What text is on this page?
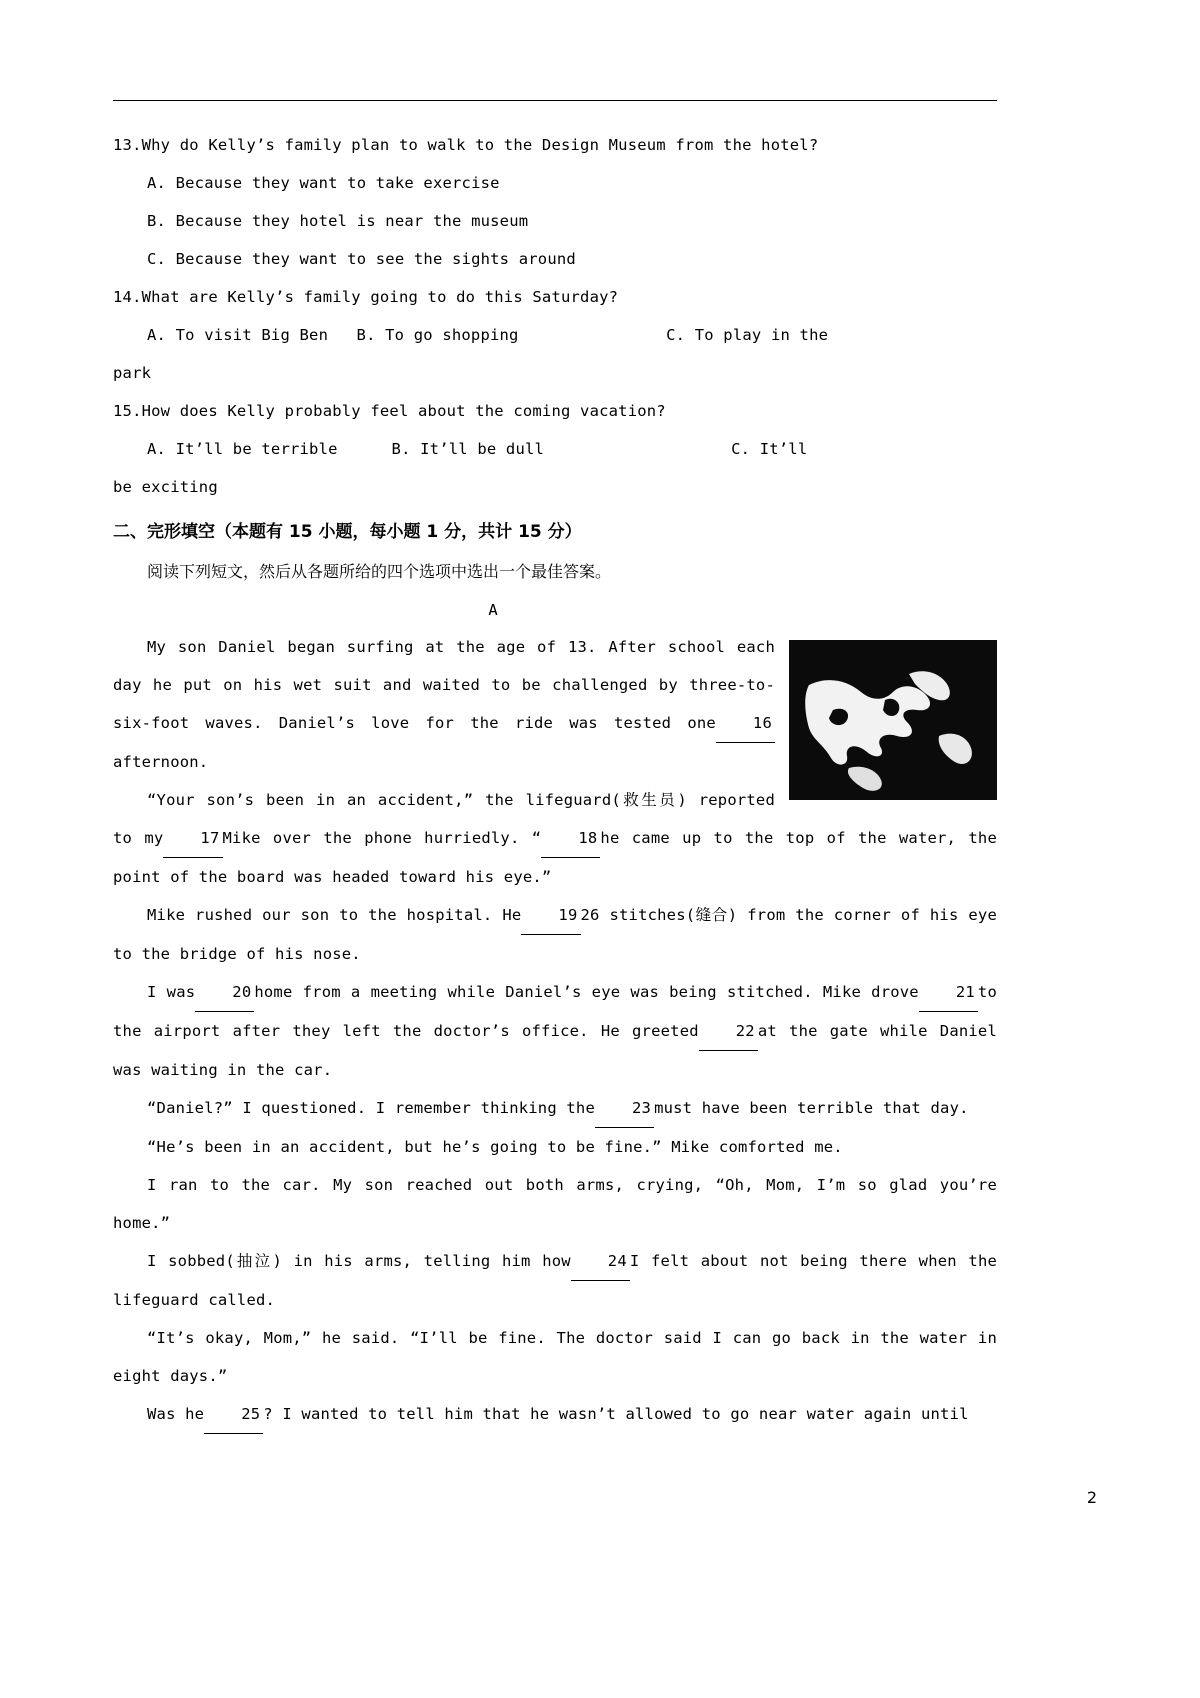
13.Why do Kelly’s family plan to walk to the Design Museum from the hotel?
A. Because they want to take exercise
B. Because they hotel is near the museum
C. Because they want to see the sights around
14.What are Kelly’s family going to do this Saturday?
A. To visit Big Ben B. To go shopping	C. To play in the
park
15.How does Kelly probably feel about the coming vacation?
A. It’ll be terrible	B. It’ll be dull	C. It’ll
be exciting
二、完形填空（本题有 15 小题，每小题 1 分，共计 15 分）
阅读下列短文，然后从各题所给的四个选项中选出一个最佳答案。
A

My son Daniel began surfing at the age of 13. After school each day he put on his wet suit and waited to be challenged by three-to-six-foot waves. Daniel’s love for the ride was tested one 16afternoon.

“Your son’s been in an accident,” the lifeguard(救生员) reported to my 17 Mike over the phone hurriedly. “ 18 he came up to the top of the water, the point of the board was headed toward his eye.”

Mike rushed our son to the hospital. He 19 26 stitches(缝合) from the corner of his eye to the bridge of his nose.

I was 20 home from a meeting while Daniel’s eye was being stitched. Mike drove 21 to the airport after they left the doctor’s office. He greeted 22 at the gate while Daniel was waiting in the car.

“Daniel?” I questioned. I remember thinking the 23 must have been terrible that day.

“He’s been in an accident, but he’s going to be fine.” Mike comforted me.

I ran to the car. My son reached out both arms, crying, “Oh, Mom, I’m so glad you’re home.”

I sobbed(抽泣) in his arms, telling him how 24 I felt about not being there when the lifeguard called.

“It’s okay, Mom,” he said. “I’ll be fine. The doctor said I can go back in the water in eight days.”

Was he 25 ? I wanted to tell him that he wasn’t allowed to go near water again until

2
